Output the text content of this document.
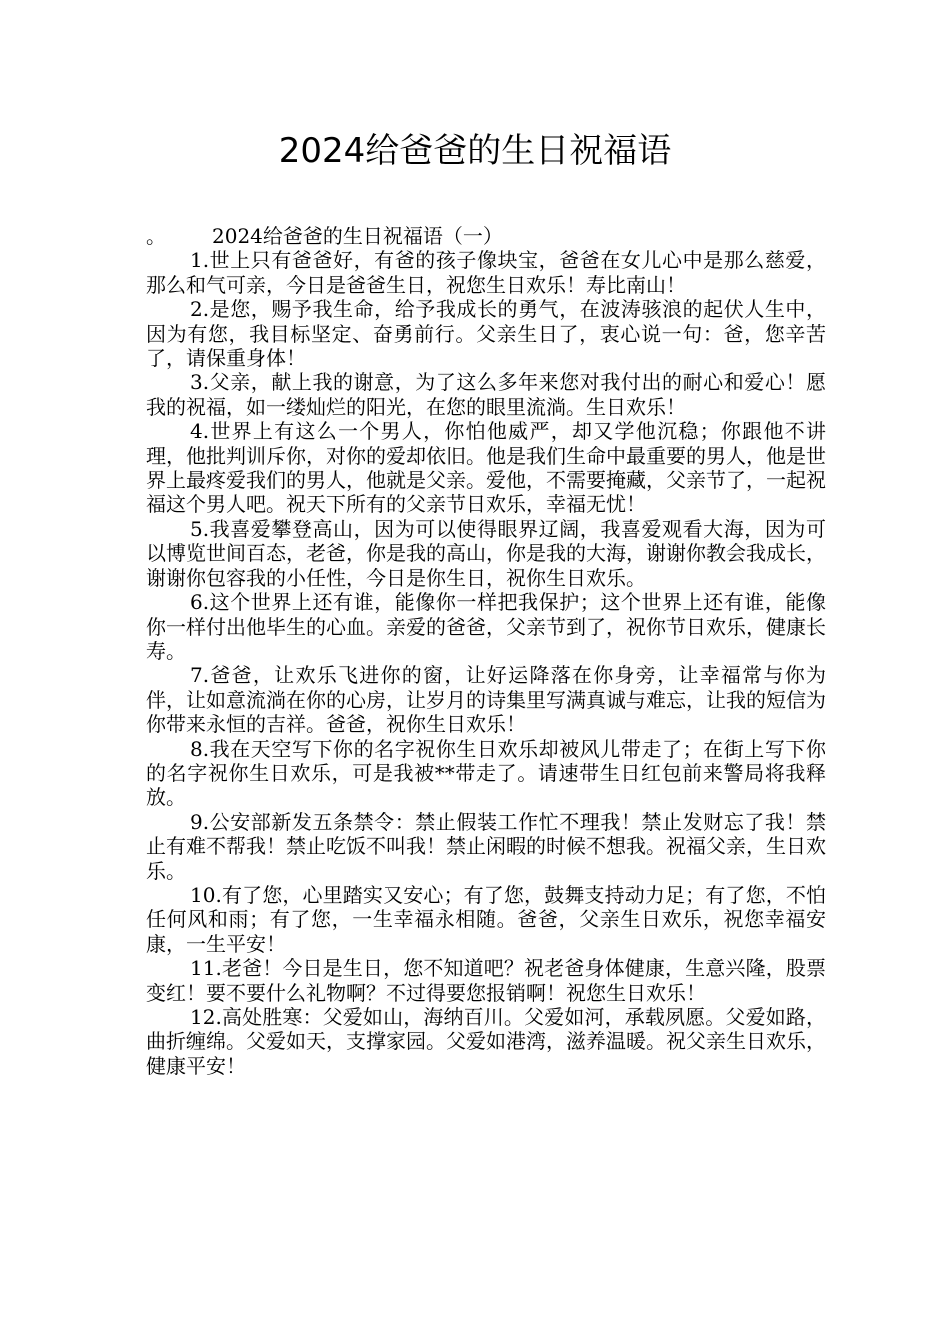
2024给爸爸的生日祝福语

。 2024给爸爸的生日祝福语（一）

1.世上只有爸爸好，有爸的孩子像块宝，爸爸在女儿心中是那么慈爱，那么和气可亲，今日是爸爸生日，祝您生日欢乐！寿比南山！

2.是您，赐予我生命，给予我成长的勇气，在波涛骇浪的起伏人生中，因为有您，我目标坚定、奋勇前行。父亲生日了，衷心说一句：爸，您辛苦了，请保重身体！

3.父亲，献上我的谢意，为了这么多年来您对我付出的耐心和爱心！愿我的祝福，如一缕灿烂的阳光，在您的眼里流淌。生日欢乐！

4.世界上有这么一个男人，你怕他威严，却又学他沉稳；你跟他不讲理，他批判训斥你，对你的爱却依旧。他是我们生命中最重要的男人，他是世界上最疼爱我们的男人，他就是父亲。爱他，不需要掩藏，父亲节了，一起祝福这个男人吧。祝天下所有的父亲节日欢乐，幸福无忧！

5.我喜爱攀登高山，因为可以使得眼界辽阔，我喜爱观看大海，因为可以博览世间百态，老爸，你是我的高山，你是我的大海，谢谢你教会我成长，谢谢你包容我的小任性，今日是你生日，祝你生日欢乐。

6.这个世界上还有谁，能像你一样把我保护；这个世界上还有谁，能像你一样付出他毕生的心血。亲爱的爸爸，父亲节到了，祝你节日欢乐，健康长寿。

7.爸爸，让欢乐飞进你的窗，让好运降落在你身旁，让幸福常与你为伴，让如意流淌在你的心房，让岁月的诗集里写满真诚与难忘，让我的短信为你带来永恒的吉祥。爸爸，祝你生日欢乐！

8.我在天空写下你的名字祝你生日欢乐却被风儿带走了；在街上写下你的名字祝你生日欢乐，可是我被**带走了。请速带生日红包前来警局将我释放。

9.公安部新发五条禁令：禁止假装工作忙不理我！禁止发财忘了我！禁止有难不帮我！禁止吃饭不叫我！禁止闲暇的时候不想我。祝福父亲，生日欢乐。

10.有了您，心里踏实又安心；有了您，鼓舞支持动力足；有了您，不怕任何风和雨；有了您，一生幸福永相随。爸爸，父亲生日欢乐，祝您幸福安康，一生平安！

11.老爸！今日是生日，您不知道吧？祝老爸身体健康，生意兴隆，股票变红！要不要什么礼物啊？不过得要您报销啊！祝您生日欢乐！

12.高处胜寒：父爱如山，海纳百川。父爱如河，承载夙愿。父爱如路，曲折缠绵。父爱如天，支撑家园。父爱如港湾，滋养温暖。祝父亲生日欢乐，健康平安！
